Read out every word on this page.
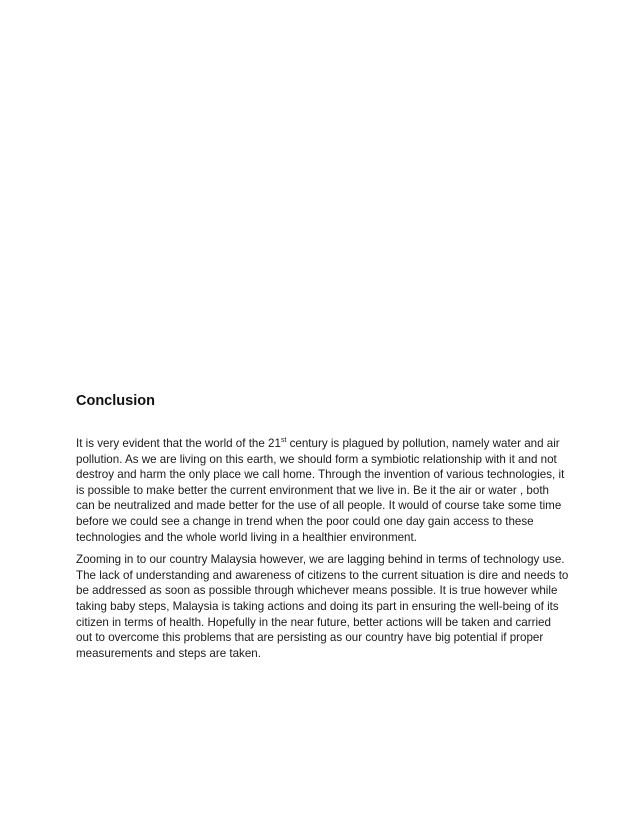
Conclusion

It is very evident that the world of the 21st century is plagued by pollution, namely water and air pollution. As we are living on this earth, we should form a symbiotic relationship with it and not destroy and harm the only place we call home. Through the invention of various technologies, it is possible to make better the current environment that we live in. Be it the air or water , both can be neutralized and made better for the use of all people. It would of course take some time before we could see a change in trend when the poor could one day gain access to these technologies and the whole world living in a healthier environment.

Zooming in to our country Malaysia however, we are lagging behind in terms of technology use. The lack of understanding and awareness of citizens to the current situation is dire and needs to be addressed as soon as possible through whichever means possible. It is true however while taking baby steps, Malaysia is taking actions and doing its part in ensuring the well-being of its citizen in terms of health. Hopefully in the near future, better actions will be taken and carried out to overcome this problems that are persisting as our country have big potential if proper measurements and steps are taken.
